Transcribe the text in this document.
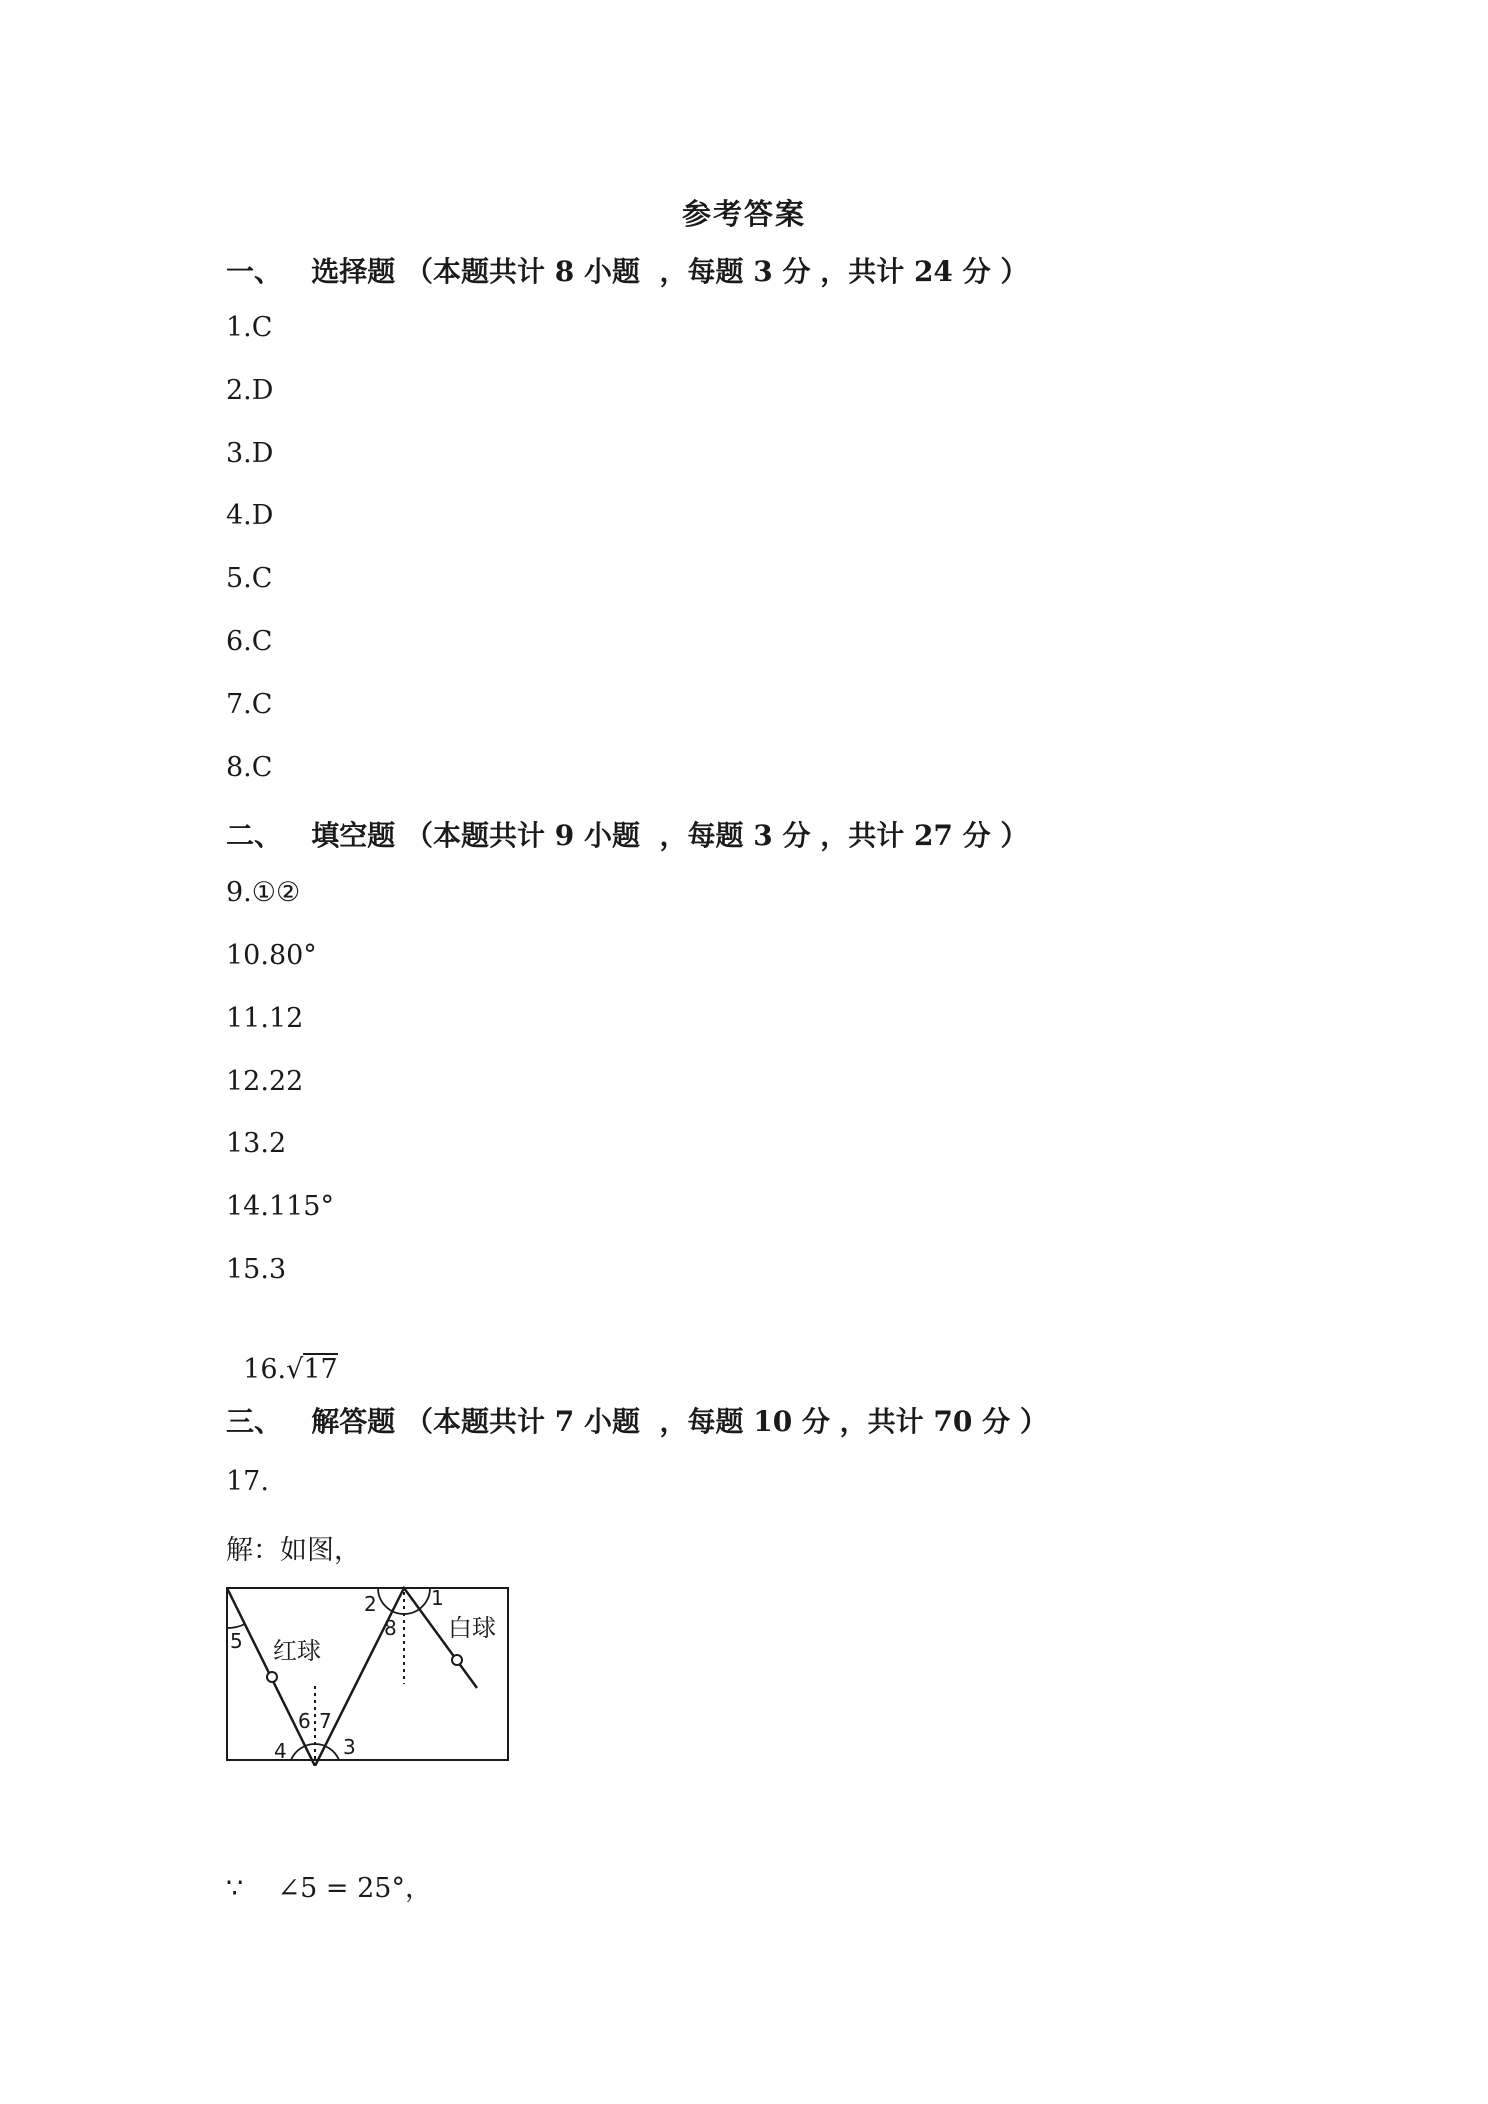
参考答案
一、   选择题 （本题共计 8 小题  ，每题 3 分 ，共计 24 分 ）
1.C
2.D
3.D
4.D
5.C
6.C
7.C
8.C
二、   填空题 （本题共计 9 小题  ，每题 3 分 ，共计 27 分 ）
9.①②
10.80°
11.12
12.22
13.2
14.115°
15.3

16.√17

三、   解答题 （本题共计 7 小题  ，每题 10 分 ，共计 70 分 ）
17.
解：如图，
5 红球
2	1
8 白球
6 7
4	3
∵    ∠5 = 25°，
